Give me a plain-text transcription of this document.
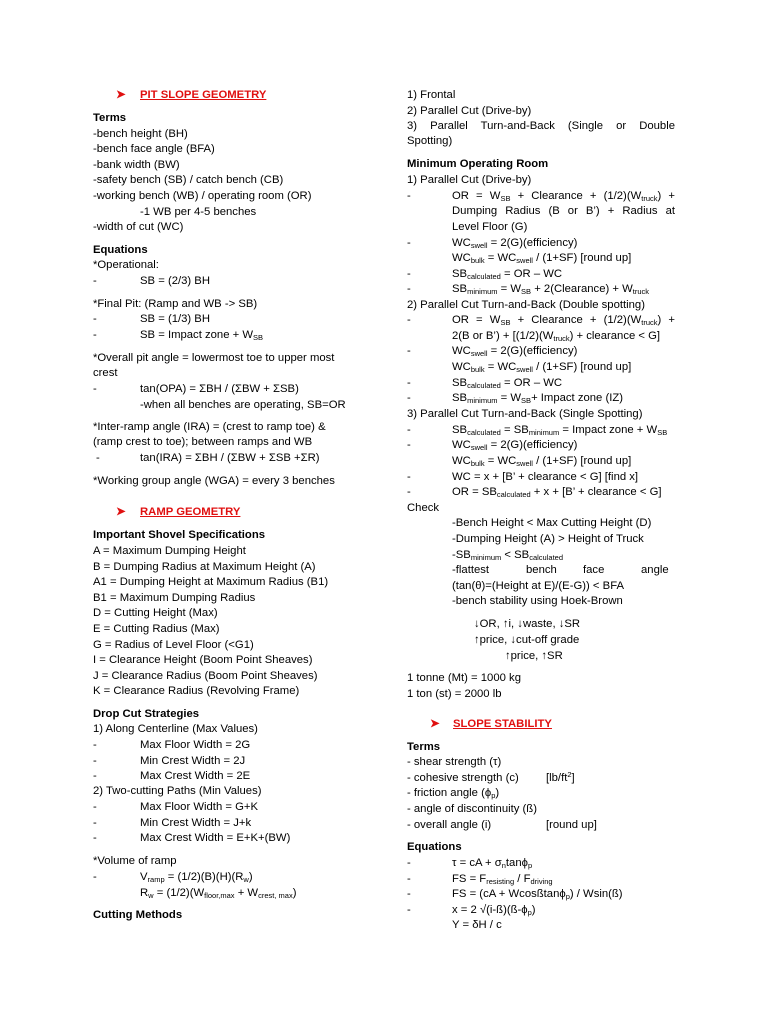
➤ PIT SLOPE GEOMETRY
Terms
-bench height (BH)
-bench face angle (BFA)
-bank width (BW)
-safety bench (SB) / catch bench (CB)
-working bench (WB) / operating room (OR)
-1 WB per 4-5 benches
-width of cut (WC)
Equations
*Operational:
-	SB = (2/3) BH
*Final Pit: (Ramp and WB -> SB)
-	SB = (1/3) BH
-	SB = Impact zone + $W_{SB}$
*Overall pit angle = lowermost toe to upper most
crest
-	tan(OPA) = ΣBH / (ΣBW + ΣSB)
-when all benches are operating, SB=OR
*Inter-ramp angle (IRA) = (crest to ramp toe) &
(ramp crest to toe); between ramps and WB
-	tan(IRA) = ΣBH / (ΣBW + ΣSB +ΣR)
*Working group angle (WGA) = every 3 benches
➤ RAMP GEOMETRY
Important Shovel Specifications
A = Maximum Dumping Height
B = Dumping Radius at Maximum Height (A)
A1 = Dumping Height at Maximum Radius (B1)
B1 = Maximum Dumping Radius
D = Cutting Height (Max)
E = Cutting Radius (Max)
G = Radius of Level Floor (<G1)
I = Clearance Height (Boom Point Sheaves)
J = Clearance Radius (Boom Point Sheaves)
K = Clearance Radius (Revolving Frame)
Drop Cut Strategies
1) Along Centerline (Max Values)
-	Max Floor Width = 2G
-	Min Crest Width = 2J
-	Max Crest Width = 2E
2) Two-cutting Paths (Min Values)
-	Max Floor Width = G+K
-	Min Crest Width = J+k
-	Max Crest Width = E+K+(BW)
*Volume of ramp
-	$V_{ramp} = (1/2)(B)(H)(R_w)$
$R_w = (1/2)(W_{floor,max} + W_{crest, max})$
Cutting Methods
1) Frontal
2) Parallel Cut (Drive-by)
3) Parallel Turn-and-Back (Single or Double
Spotting)
Minimum Operating Room
1) Parallel Cut (Drive-by)
-	OR = $W_{SB}$ + Clearance + $(1/2)(W_{truck})$ +
Dumping Radius (B or B’) + Radius at
Level Floor (G)
-	$WC_{swell}$ = 2(G)(efficiency)
$WC_{bulk} = WC_{swell} / (1+SF)$ [round up]
-	$SB_{calculated}$ = OR – WC
-	$SB_{minimum} = W_{SB}$ + 2(Clearance) + $W_{truck}$
2) Parallel Cut Turn-and-Back (Double spotting)
-	OR = $W_{SB}$ + Clearance + $(1/2)(W_{truck})$ +
2(B or B’) + [$(1/2)(W_{truck})$ + clearance < G]
-	$WC_{swell}$ = 2(G)(efficiency)
$WC_{bulk} = WC_{swell} / (1+SF)$ [round up]
-	$SB_{calculated}$ = OR – WC
-	$SB_{minimum} = W_{SB}+$ Impact zone (IZ)
3) Parallel Cut Turn-and-Back (Single Spotting)
-	$SB_{calculated} = SB_{minimum}$ = Impact zone + $W_{SB}$
-	$WC_{swell}$ = 2(G)(efficiency)
$WC_{bulk} = WC_{swell} / (1+SF)$ [round up]
-	WC = x + [B’ + clearance < G] [find x]
-	OR = $SB_{calculated} + x + [B$’ + clearance < G]
Check
-Bench Height < Max Cutting Height (D)
-Dumping Height (A) > Height of Truck
$-SB_{minimum} < SB_{calculated}$
-flattest	bench face	angle
(tan(θ)=(Height at E)/(E-G)) < BFA
-bench stability using Hoek-Brown
↓OR, ↑i, ↓waste, ↓SR
↑price, ↓cut-off grade
↑price, ↑SR
1 tonne (Mt) = 1000 kg
1 ton (st) = 2000 lb
➤ SLOPE STABILITY
Terms
- shear strength (τ)
- cohesive strength (c) $[lb/ft^2]$
- friction angle $(\phi_p)$
- angle of discontinuity (ß)
- overall angle (i)	[round up]
Equations
-	τ = cA + $\sigma_n\tan\phi_p$
-	FS = $F_{resisting} / F_{driving}$
-	FS = (cA + Wcosßtanϕ$_p$) / Wsin(ß)
-	x = 2 $√(i-ß)(ß-\phi_p)$
Y = δH / c
